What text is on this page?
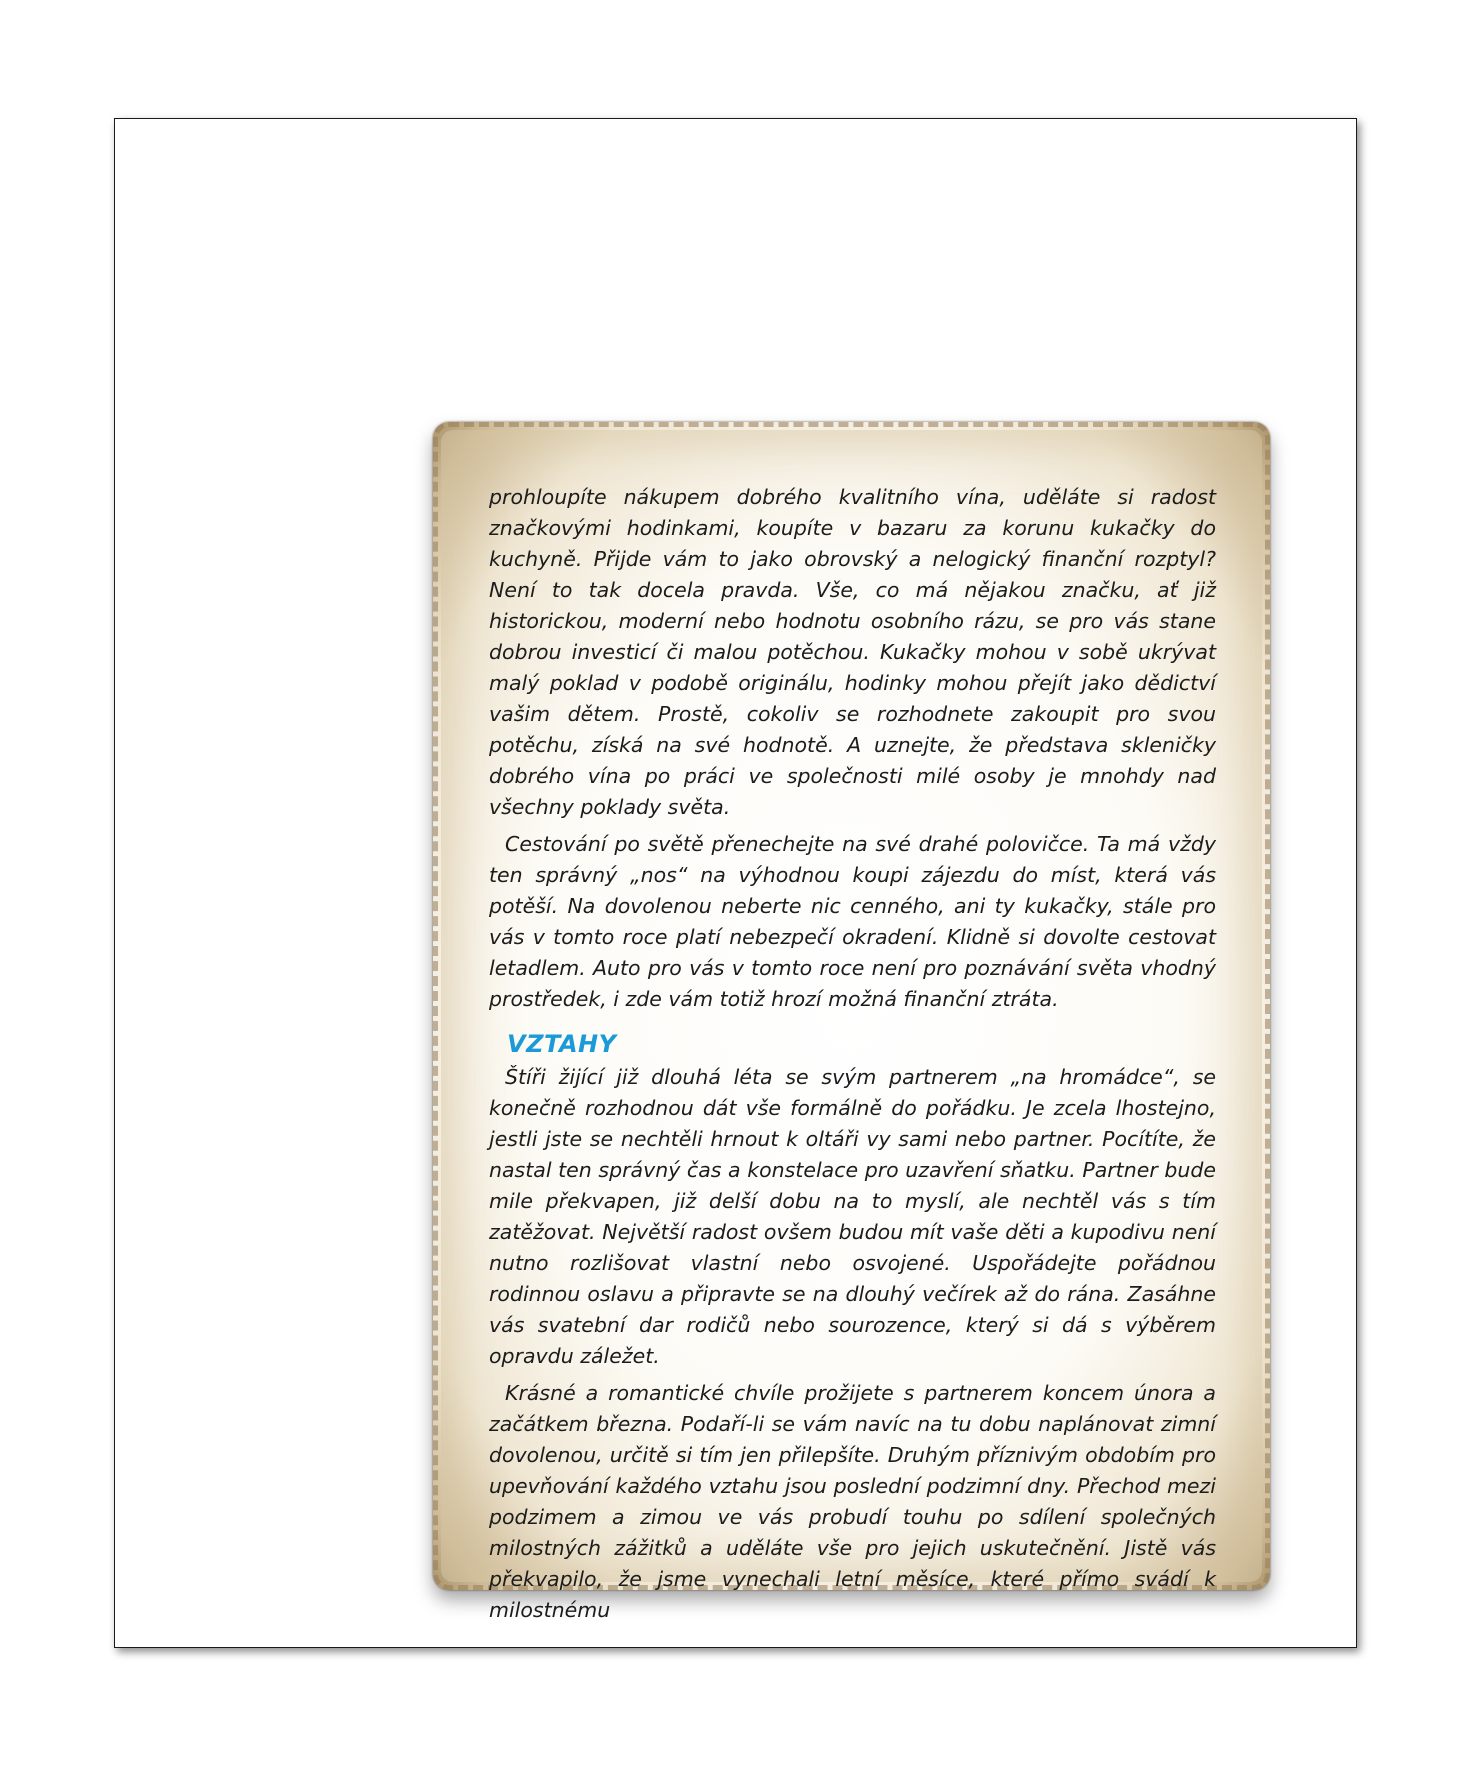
prohloupíte nákupem dobrého kvalitního vína, uděláte si radost značkovými hodinkami, koupíte v bazaru za korunu kukačky do kuchyně. Přijde vám to jako obrovský a nelogický finanční rozptyl? Není to tak docela pravda. Vše, co má nějakou značku, ať již historickou, moderní nebo hodnotu osobního rázu, se pro vás stane dobrou investicí či malou potěchou. Kukačky mohou v sobě ukrývat malý poklad v podobě originálu, hodinky mohou přejít jako dědictví vašim dětem. Prostě, cokoliv se rozhodnete zakoupit pro svou potěchu, získá na své hodnotě. A uznejte, že představa skleničky dobrého vína po práci ve společnosti milé osoby je mnohdy nad všechny poklady světa.

Cestování po světě přenechejte na své drahé polovičce. Ta má vždy ten správný „nos“ na výhodnou koupi zájezdu do míst, která vás potěší. Na dovolenou neberte nic cenného, ani ty kukačky, stále pro vás v tomto roce platí nebezpečí okradení. Klidně si dovolte cestovat letadlem. Auto pro vás v tomto roce není pro poznávání světa vhodný prostředek, i zde vám totiž hrozí možná finanční ztráta.

VZTAHY

Štíři žijící již dlouhá léta se svým partnerem „na hromádce“, se konečně rozhodnou dát vše formálně do pořádku. Je zcela lhostejno, jestli jste se nechtěli hrnout k oltáři vy sami nebo partner. Pocítíte, že nastal ten správný čas a konstelace pro uzavření sňatku. Partner bude mile překvapen, již delší dobu na to myslí, ale nechtěl vás s tím zatěžovat. Největší radost ovšem budou mít vaše děti a kupodivu není nutno rozlišovat vlastní nebo osvojené. Uspořádejte pořádnou rodinnou oslavu a připravte se na dlouhý večírek až do rána. Zasáhne vás svatební dar rodičů nebo sourozence, který si dá s výběrem opravdu záležet.

Krásné a romantické chvíle prožijete s partnerem koncem února a začátkem března. Podaří-li se vám navíc na tu dobu naplánovat zimní dovolenou, určitě si tím jen přilepšíte. Druhým příznivým obdobím pro upevňování každého vztahu jsou poslední podzimní dny. Přechod mezi podzimem a zimou ve vás probudí touhu po sdílení společných milostných zážitků a uděláte vše pro jejich uskutečnění. Jistě vás překvapilo, že jsme vynechali letní měsíce, které přímo svádí k milostnému
